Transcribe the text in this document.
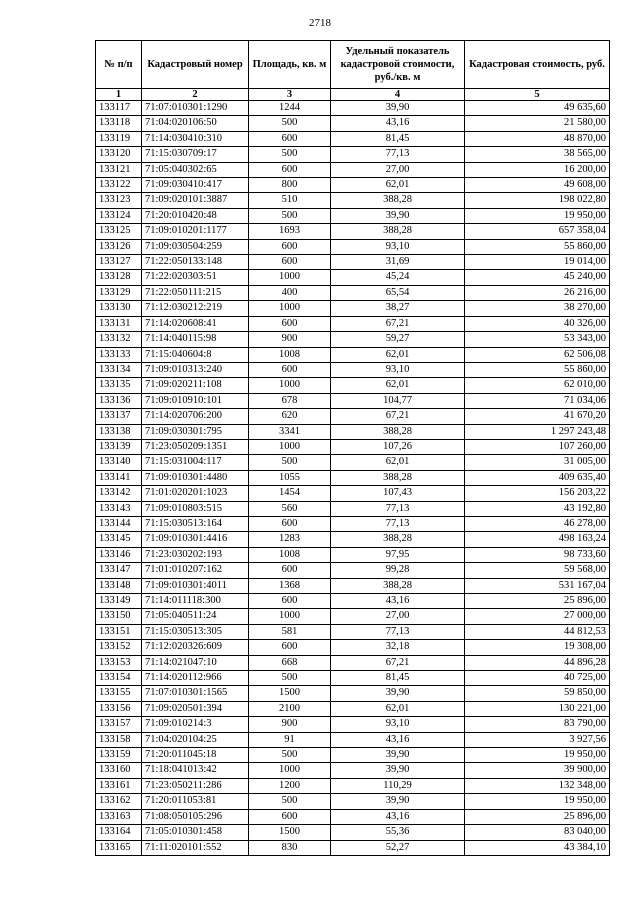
2718
№ п/п	Кадастровый номер	Площадь, кв. м	Удельный показатель кадастровой стоимости, руб./кв. м	Кадастровая стоимость, руб.
1	2	3	4	5
133117	71:07:010301:1290	1244	39,90	49 635,60
133118	71:04:020106:50	500	43,16	21 580,00
133119	71:14:030410:310	600	81,45	48 870,00
133120	71:15:030709:17	500	77,13	38 565,00
133121	71:05:040302:65	600	27,00	16 200,00
133122	71:09:030410:417	800	62,01	49 608,00
133123	71:09:020101:3887	510	388,28	198 022,80
133124	71:20:010420:48	500	39,90	19 950,00
133125	71:09:010201:1177	1693	388,28	657 358,04
133126	71:09:030504:259	600	93,10	55 860,00
133127	71:22:050133:148	600	31,69	19 014,00
133128	71:22:020303:51	1000	45,24	45 240,00
133129	71:22:050111:215	400	65,54	26 216,00
133130	71:12:030212:219	1000	38,27	38 270,00
133131	71:14:020608:41	600	67,21	40 326,00
133132	71:14:040115:98	900	59,27	53 343,00
133133	71:15:040604:8	1008	62,01	62 506,08
133134	71:09:010313:240	600	93,10	55 860,00
133135	71:09:020211:108	1000	62,01	62 010,00
133136	71:09:010910:101	678	104,77	71 034,06
133137	71:14:020706:200	620	67,21	41 670,20
133138	71:09:030301:795	3341	388,28	1 297 243,48
133139	71:23:050209:1351	1000	107,26	107 260,00
133140	71:15:031004:117	500	62,01	31 005,00
133141	71:09:010301:4480	1055	388,28	409 635,40
133142	71:01:020201:1023	1454	107,43	156 203,22
133143	71:09:010803:515	560	77,13	43 192,80
133144	71:15:030513:164	600	77,13	46 278,00
133145	71:09:010301:4416	1283	388,28	498 163,24
133146	71:23:030202:193	1008	97,95	98 733,60
133147	71:01:010207:162	600	99,28	59 568,00
133148	71:09:010301:4011	1368	388,28	531 167,04
133149	71:14:011118:300	600	43,16	25 896,00
133150	71:05:040511:24	1000	27,00	27 000,00
133151	71:15:030513:305	581	77,13	44 812,53
133152	71:12:020326:609	600	32,18	19 308,00
133153	71:14:021047:10	668	67,21	44 896,28
133154	71:14:020112:966	500	81,45	40 725,00
133155	71:07:010301:1565	1500	39,90	59 850,00
133156	71:09:020501:394	2100	62,01	130 221,00
133157	71:09:010214:3	900	93,10	83 790,00
133158	71:04:020104:25	91	43,16	3 927,56
133159	71:20:011045:18	500	39,90	19 950,00
133160	71:18:041013:42	1000	39,90	39 900,00
133161	71:23:050211:286	1200	110,29	132 348,00
133162	71:20:011053:81	500	39,90	19 950,00
133163	71:08:050105:296	600	43,16	25 896,00
133164	71:05:010301:458	1500	55,36	83 040,00
133165	71:11:020101:552	830	52,27	43 384,10
